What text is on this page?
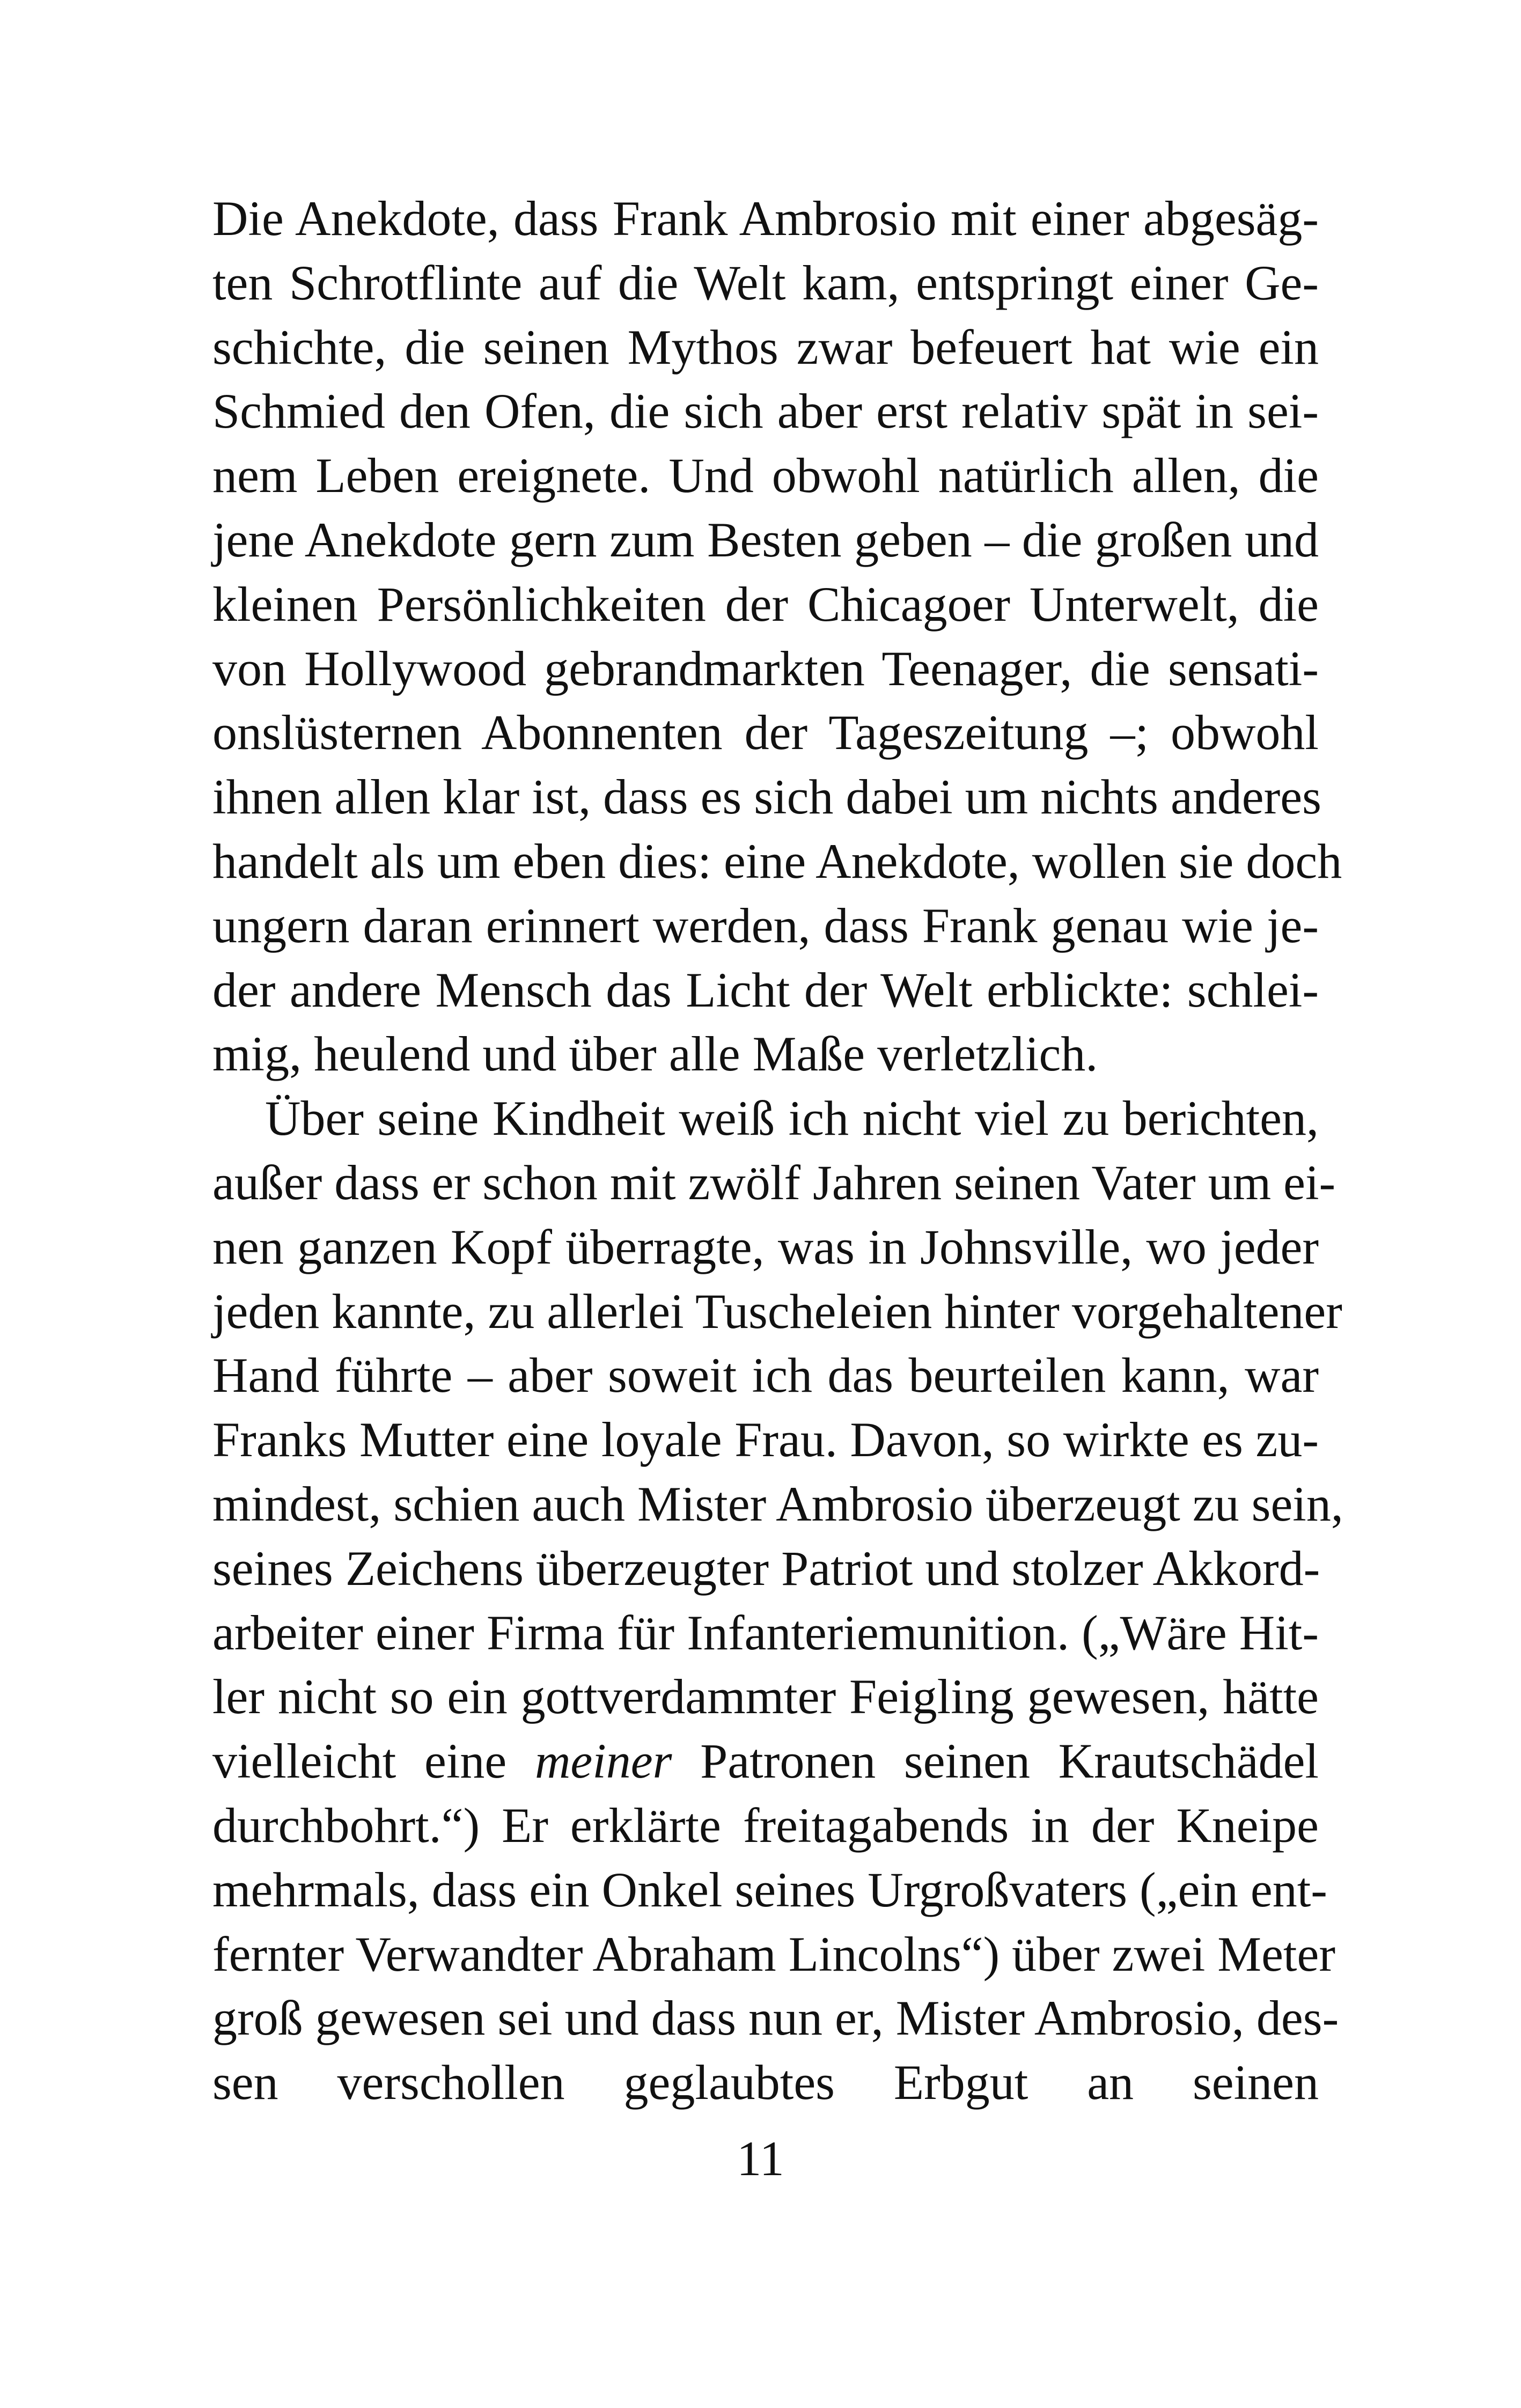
Die Anekdote, dass Frank Ambrosio mit einer abgesäg-
ten Schrotflinte auf die Welt kam, entspringt einer Ge-
schichte, die seinen Mythos zwar befeuert hat wie ein
Schmied den Ofen, die sich aber erst relativ spät in sei-
nem Leben ereignete. Und obwohl natürlich allen, die
jene Anekdote gern zum Besten geben – die großen und
kleinen Persönlichkeiten der Chicagoer Unterwelt, die
von Hollywood gebrandmarkten Teenager, die sensati-
onslüsternen Abonnenten der Tageszeitung –; obwohl
ihnen allen klar ist, dass es sich dabei um nichts anderes
handelt als um eben dies: eine Anekdote, wollen sie doch
ungern daran erinnert werden, dass Frank genau wie je-
der andere Mensch das Licht der Welt erblickte: schlei-
mig, heulend und über alle Maße verletzlich.
Über seine Kindheit weiß ich nicht viel zu berichten,
außer dass er schon mit zwölf Jahren seinen Vater um ei-
nen ganzen Kopf überragte, was in Johnsville, wo jeder
jeden kannte, zu allerlei Tuscheleien hinter vorgehaltener
Hand führte – aber soweit ich das beurteilen kann, war
Franks Mutter eine loyale Frau. Davon, so wirkte es zu-
mindest, schien auch Mister Ambrosio überzeugt zu sein,
seines Zeichens überzeugter Patriot und stolzer Akkord-
arbeiter einer Firma für Infanteriemunition. („Wäre Hit-
ler nicht so ein gottverdammter Feigling gewesen, hätte
vielleicht eine meiner Patronen seinen Krautschädel
durchbohrt.“) Er erklärte freitagabends in der Kneipe
mehrmals, dass ein Onkel seines Urgroßvaters („ein ent-
fernter Verwandter Abraham Lincolns“) über zwei Meter
groß gewesen sei und dass nun er, Mister Ambrosio, des-
sen verschollen geglaubtes Erbgut an seinen
11
